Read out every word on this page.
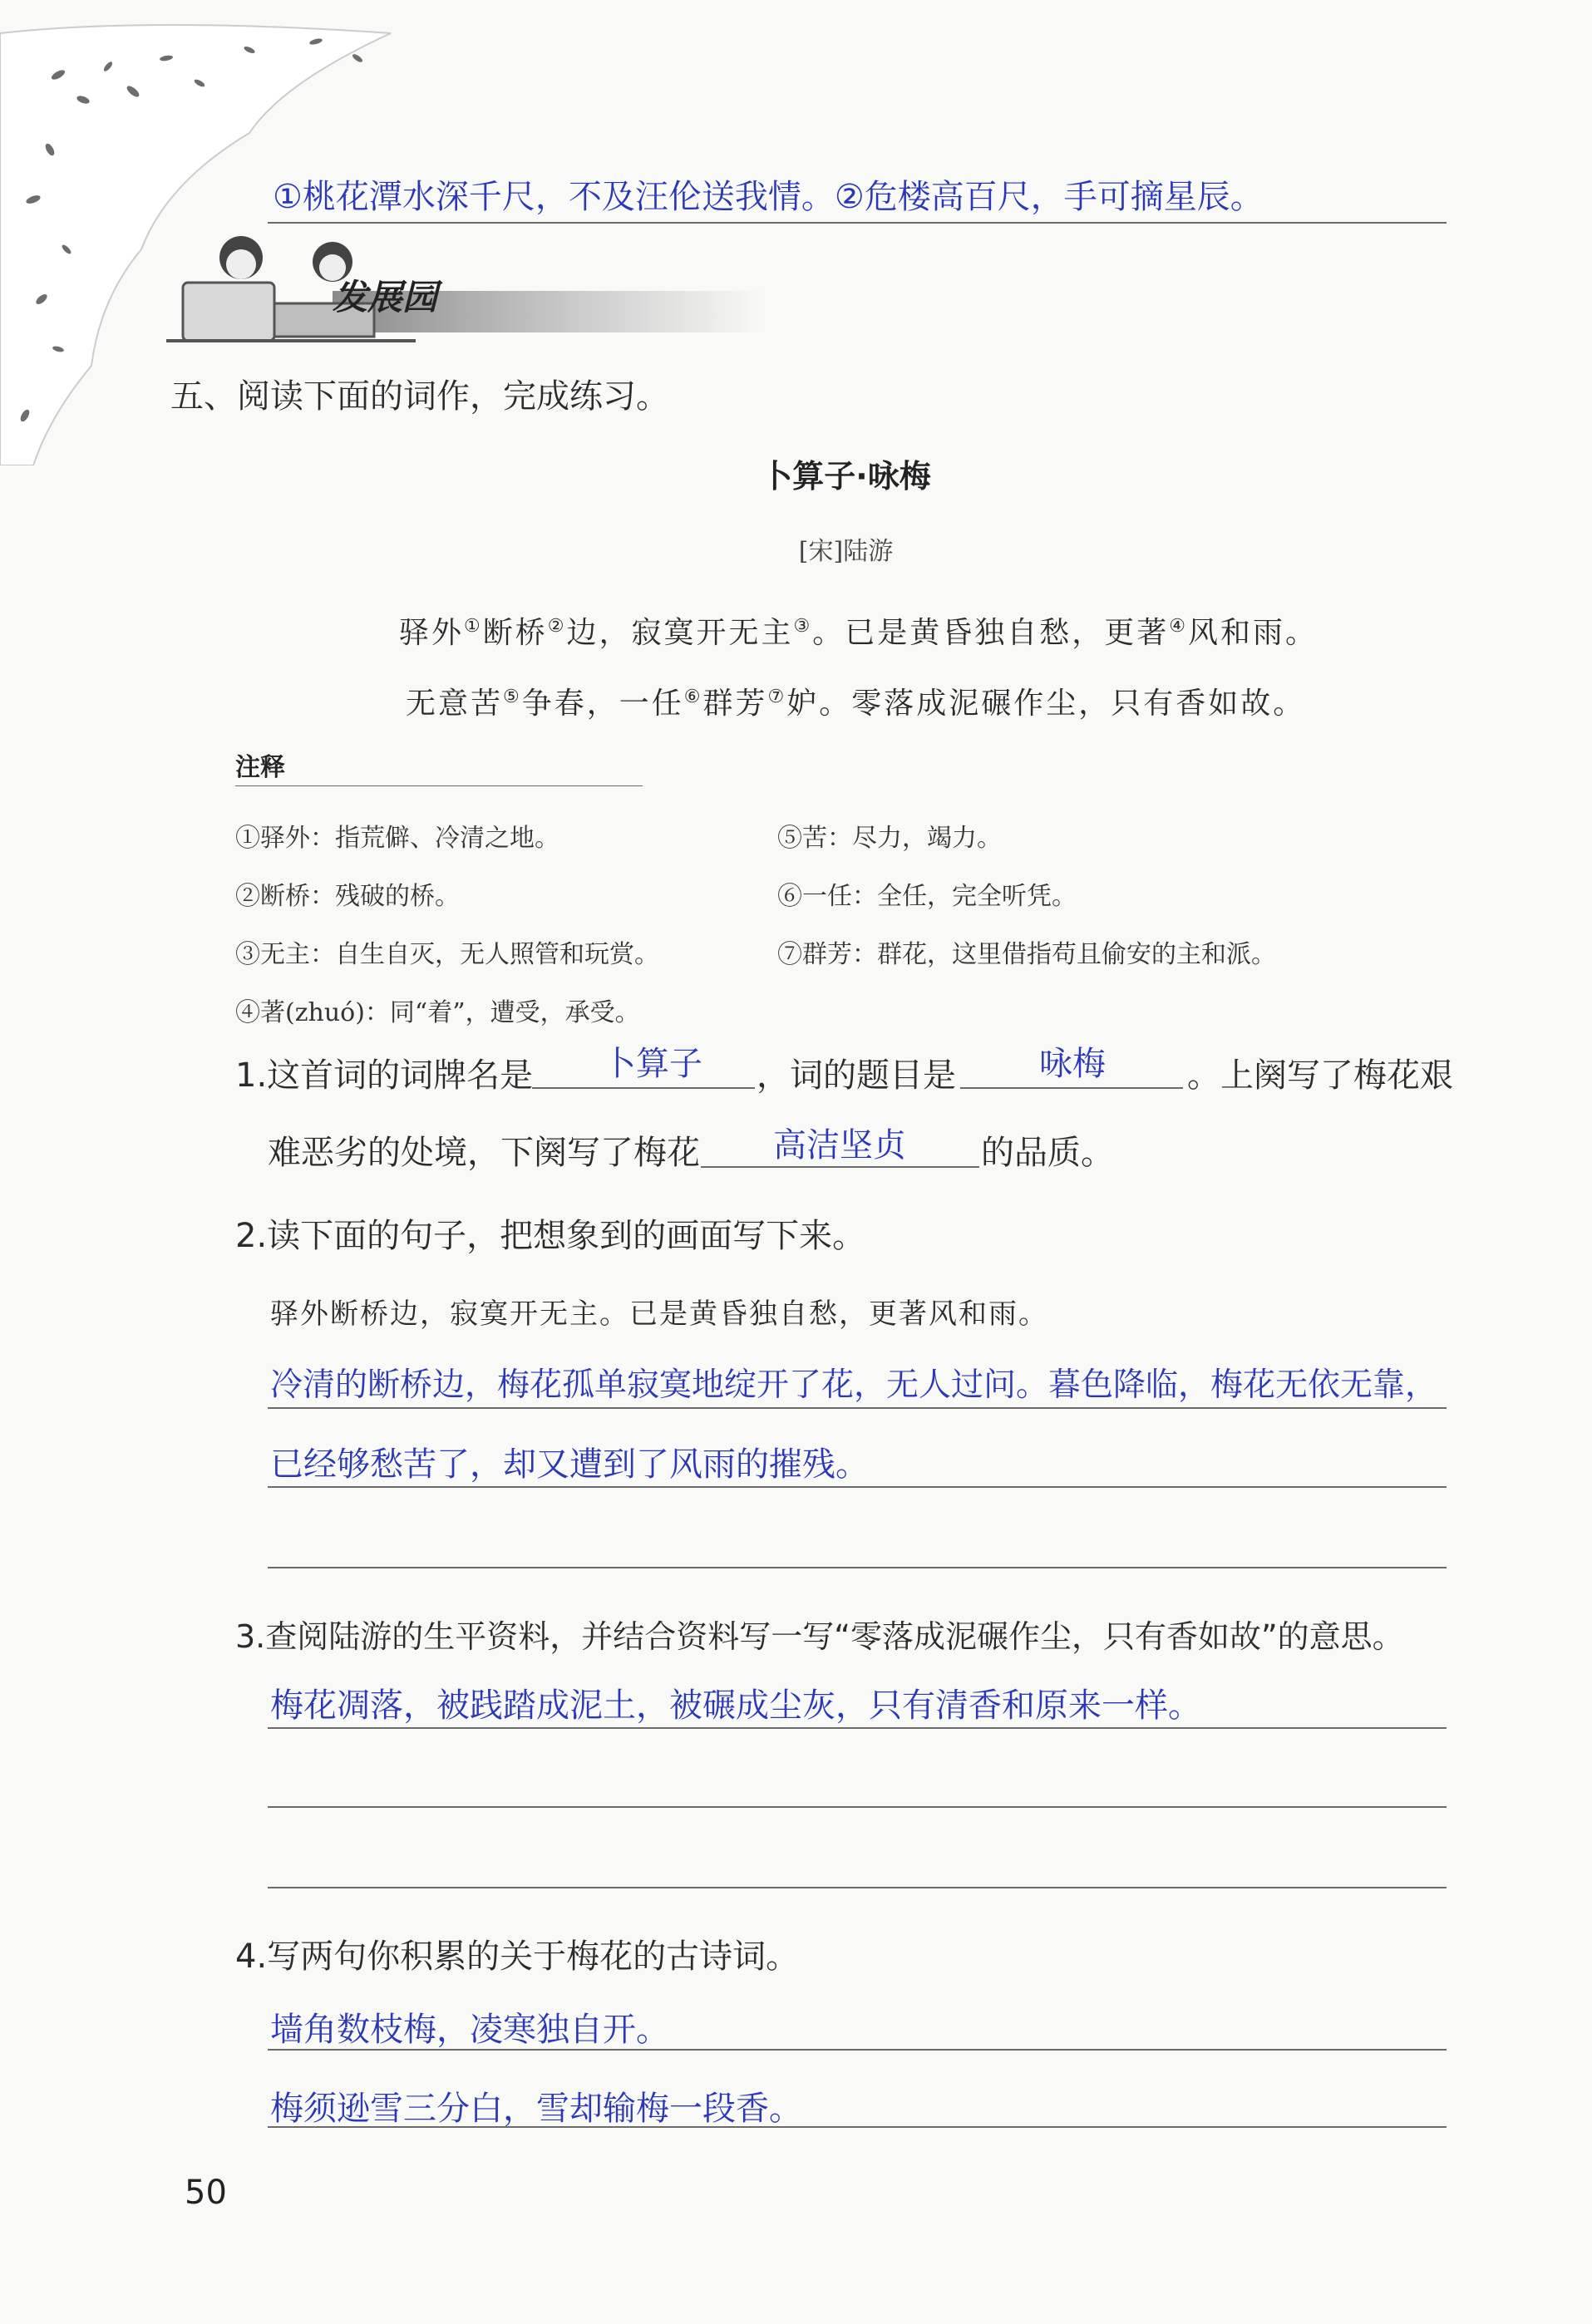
①桃花潭水深千尺，不及汪伦送我情。②危楼高百尺，手可摘星辰。
发展园
五、阅读下面的词作，完成练习。
卜算子·咏梅
[宋]陆游
驿外①断桥②边，寂寞开无主③。已是黄昏独自愁，更著④风和雨。
无意苦⑤争春，一任⑥群芳⑦妒。零落成泥碾作尘，只有香如故。
注释
①驿外：指荒僻、冷清之地。
②断桥：残破的桥。
③无主：自生自灭，无人照管和玩赏。
④著(zhuó)：同“着”，遭受，承受。
⑤苦：尽力，竭力。
⑥一任：全任，完全听凭。
⑦群芳：群花，这里借指苟且偷安的主和派。
1.这首词的词牌名是 卜算子 ，词的题目是	咏梅 。上阕写了梅花艰
难恶劣的处境，下阕写了梅花 高洁坚贞 的品质。
2.读下面的句子，把想象到的画面写下来。
驿外断桥边，寂寞开无主。已是黄昏独自愁，更著风和雨。
冷清的断桥边，梅花孤单寂寞地绽开了花，无人过问。暮色降临，梅花无依无靠，
已经够愁苦了，却又遭到了风雨的摧残。
3.查阅陆游的生平资料，并结合资料写一写“零落成泥碾作尘，只有香如故”的意思。
梅花凋落，被践踏成泥土，被碾成尘灰，只有清香和原来一样。
4.写两句你积累的关于梅花的古诗词。
墙角数枝梅，凌寒独自开。
梅须逊雪三分白，雪却输梅一段香。
50
